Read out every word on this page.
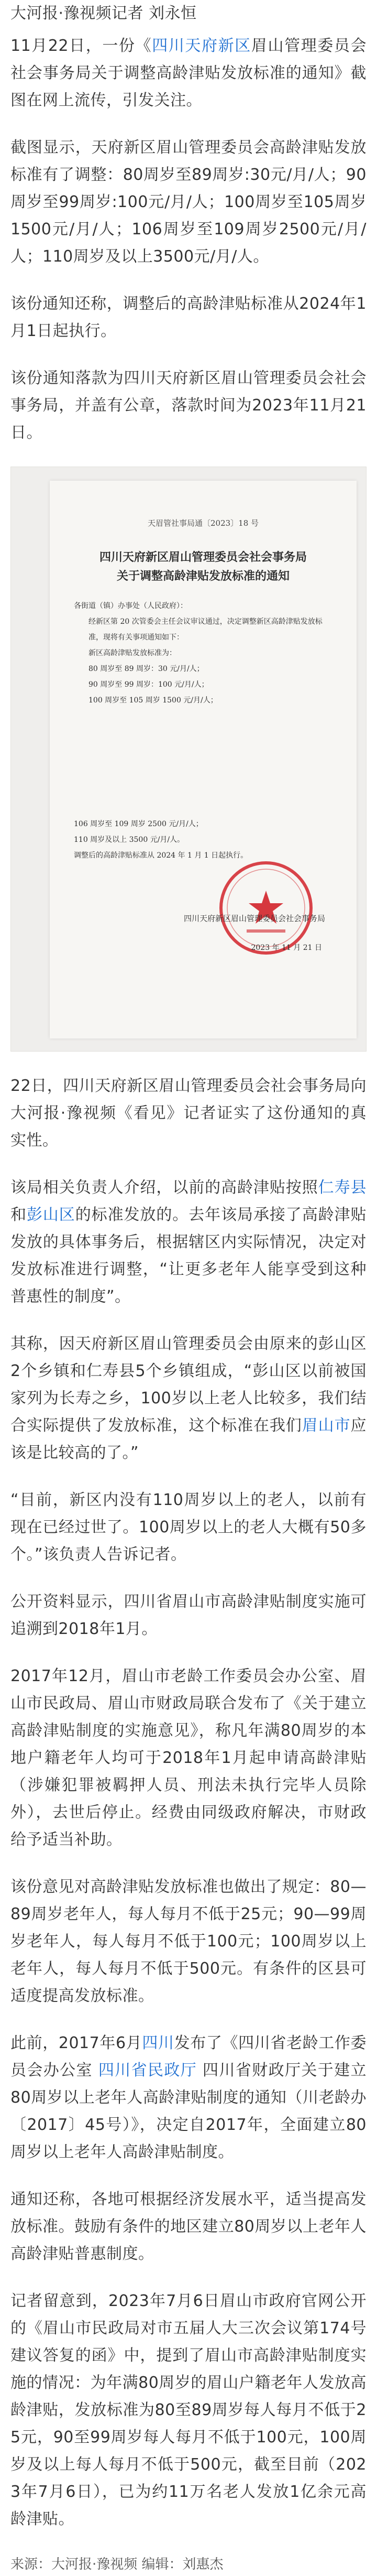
大河报·豫视频记者 刘永恒

11月22日，一份《四川天府新区眉山管理委员会社会事务局关于调整高龄津贴发放标准的通知》截图在网上流传，引发关注。

截图显示，天府新区眉山管理委员会高龄津贴发放标准有了调整：80周岁至89周岁:30元/月/人；90周岁至99周岁:100元/月/人；100周岁至105周岁1500元/月/人；106周岁至109周岁2500元/月/人；110周岁及以上3500元/月/人。

该份通知还称，调整后的高龄津贴标准从2024年1月1日起执行。

该份通知落款为四川天府新区眉山管理委员会社会事务局，并盖有公章，落款时间为2023年11月21日。

天眉管社事局通〔2023〕18 号
四川天府新区眉山管理委员会社会事务局
关于调整高龄津贴发放标准的通知
各街道（镇）办事处（人民政府）：
经新区第 20 次管委会主任会议审议通过，决定调整新区高龄津贴发放标准，现将有关事项通知如下：
新区高龄津贴发放标准为：
80 周岁至 89 周岁：30 元/月/人；
90 周岁至 99 周岁：100 元/月/人；
100 周岁至 105 周岁 1500 元/月/人；
106 周岁至 109 周岁 2500 元/月/人；
110 周岁及以上 3500 元/月/人。
调整后的高龄津贴标准从 2024 年 1 月 1 日起执行。
四川天府新区眉山管理委员会社会事务局
2023 年 11 月 21 日

22日，四川天府新区眉山管理委员会社会事务局向大河报·豫视频《看见》记者证实了这份通知的真实性。

该局相关负责人介绍，以前的高龄津贴按照仁寿县和彭山区的标准发放的。去年该局承接了高龄津贴发放的具体事务后，根据辖区内实际情况，决定对发放标准进行调整，“让更多老年人能享受到这种普惠性的制度”。

其称，因天府新区眉山管理委员会由原来的彭山区2个乡镇和仁寿县5个乡镇组成，“彭山区以前被国家列为长寿之乡，100岁以上老人比较多，我们结合实际提供了发放标准，这个标准在我们眉山市应该是比较高的了。”

“目前，新区内没有110周岁以上的老人，以前有现在已经过世了。100周岁以上的老人大概有50多个。”该负责人告诉记者。

公开资料显示，四川省眉山市高龄津贴制度实施可追溯到2018年1月。

2017年12月，眉山市老龄工作委员会办公室、眉山市民政局、眉山市财政局联合发布了《关于建立高龄津贴制度的实施意见》，称凡年满80周岁的本地户籍老年人均可于2018年1月起申请高龄津贴（涉嫌犯罪被羁押人员、刑法未执行完毕人员除外），去世后停止。经费由同级政府解决，市财政给予适当补助。

该份意见对高龄津贴发放标准也做出了规定：80—89周岁老年人，每人每月不低于25元；90—99周岁老年人，每人每月不低于100元；100周岁以上老年人，每人每月不低于500元。有条件的区县可适度提高发放标准。

此前，2017年6月四川发布了《四川省老龄工作委员会办公室 四川省民政厅 四川省财政厅关于建立80周岁以上老年人高龄津贴制度的通知（川老龄办〔2017〕45号）》，决定自2017年，全面建立80周岁以上老年人高龄津贴制度。

通知还称，各地可根据经济发展水平，适当提高发放标准。鼓励有条件的地区建立80周岁以上老年人高龄津贴普惠制度。

记者留意到，2023年7月6日眉山市政府官网公开的《眉山市民政局对市五届人大三次会议第174号建议答复的函》中，提到了眉山市高龄津贴制度实施的情况：为年满80周岁的眉山户籍老年人发放高龄津贴，发放标准为80至89周岁每人每月不低于25元，90至99周岁每人每月不低于100元，100周岁及以上每人每月不低于500元，截至目前（2023年7月6日），已为约11万名老人发放1亿余元高龄津贴。

来源：大河报·豫视频 编辑：刘惠杰
